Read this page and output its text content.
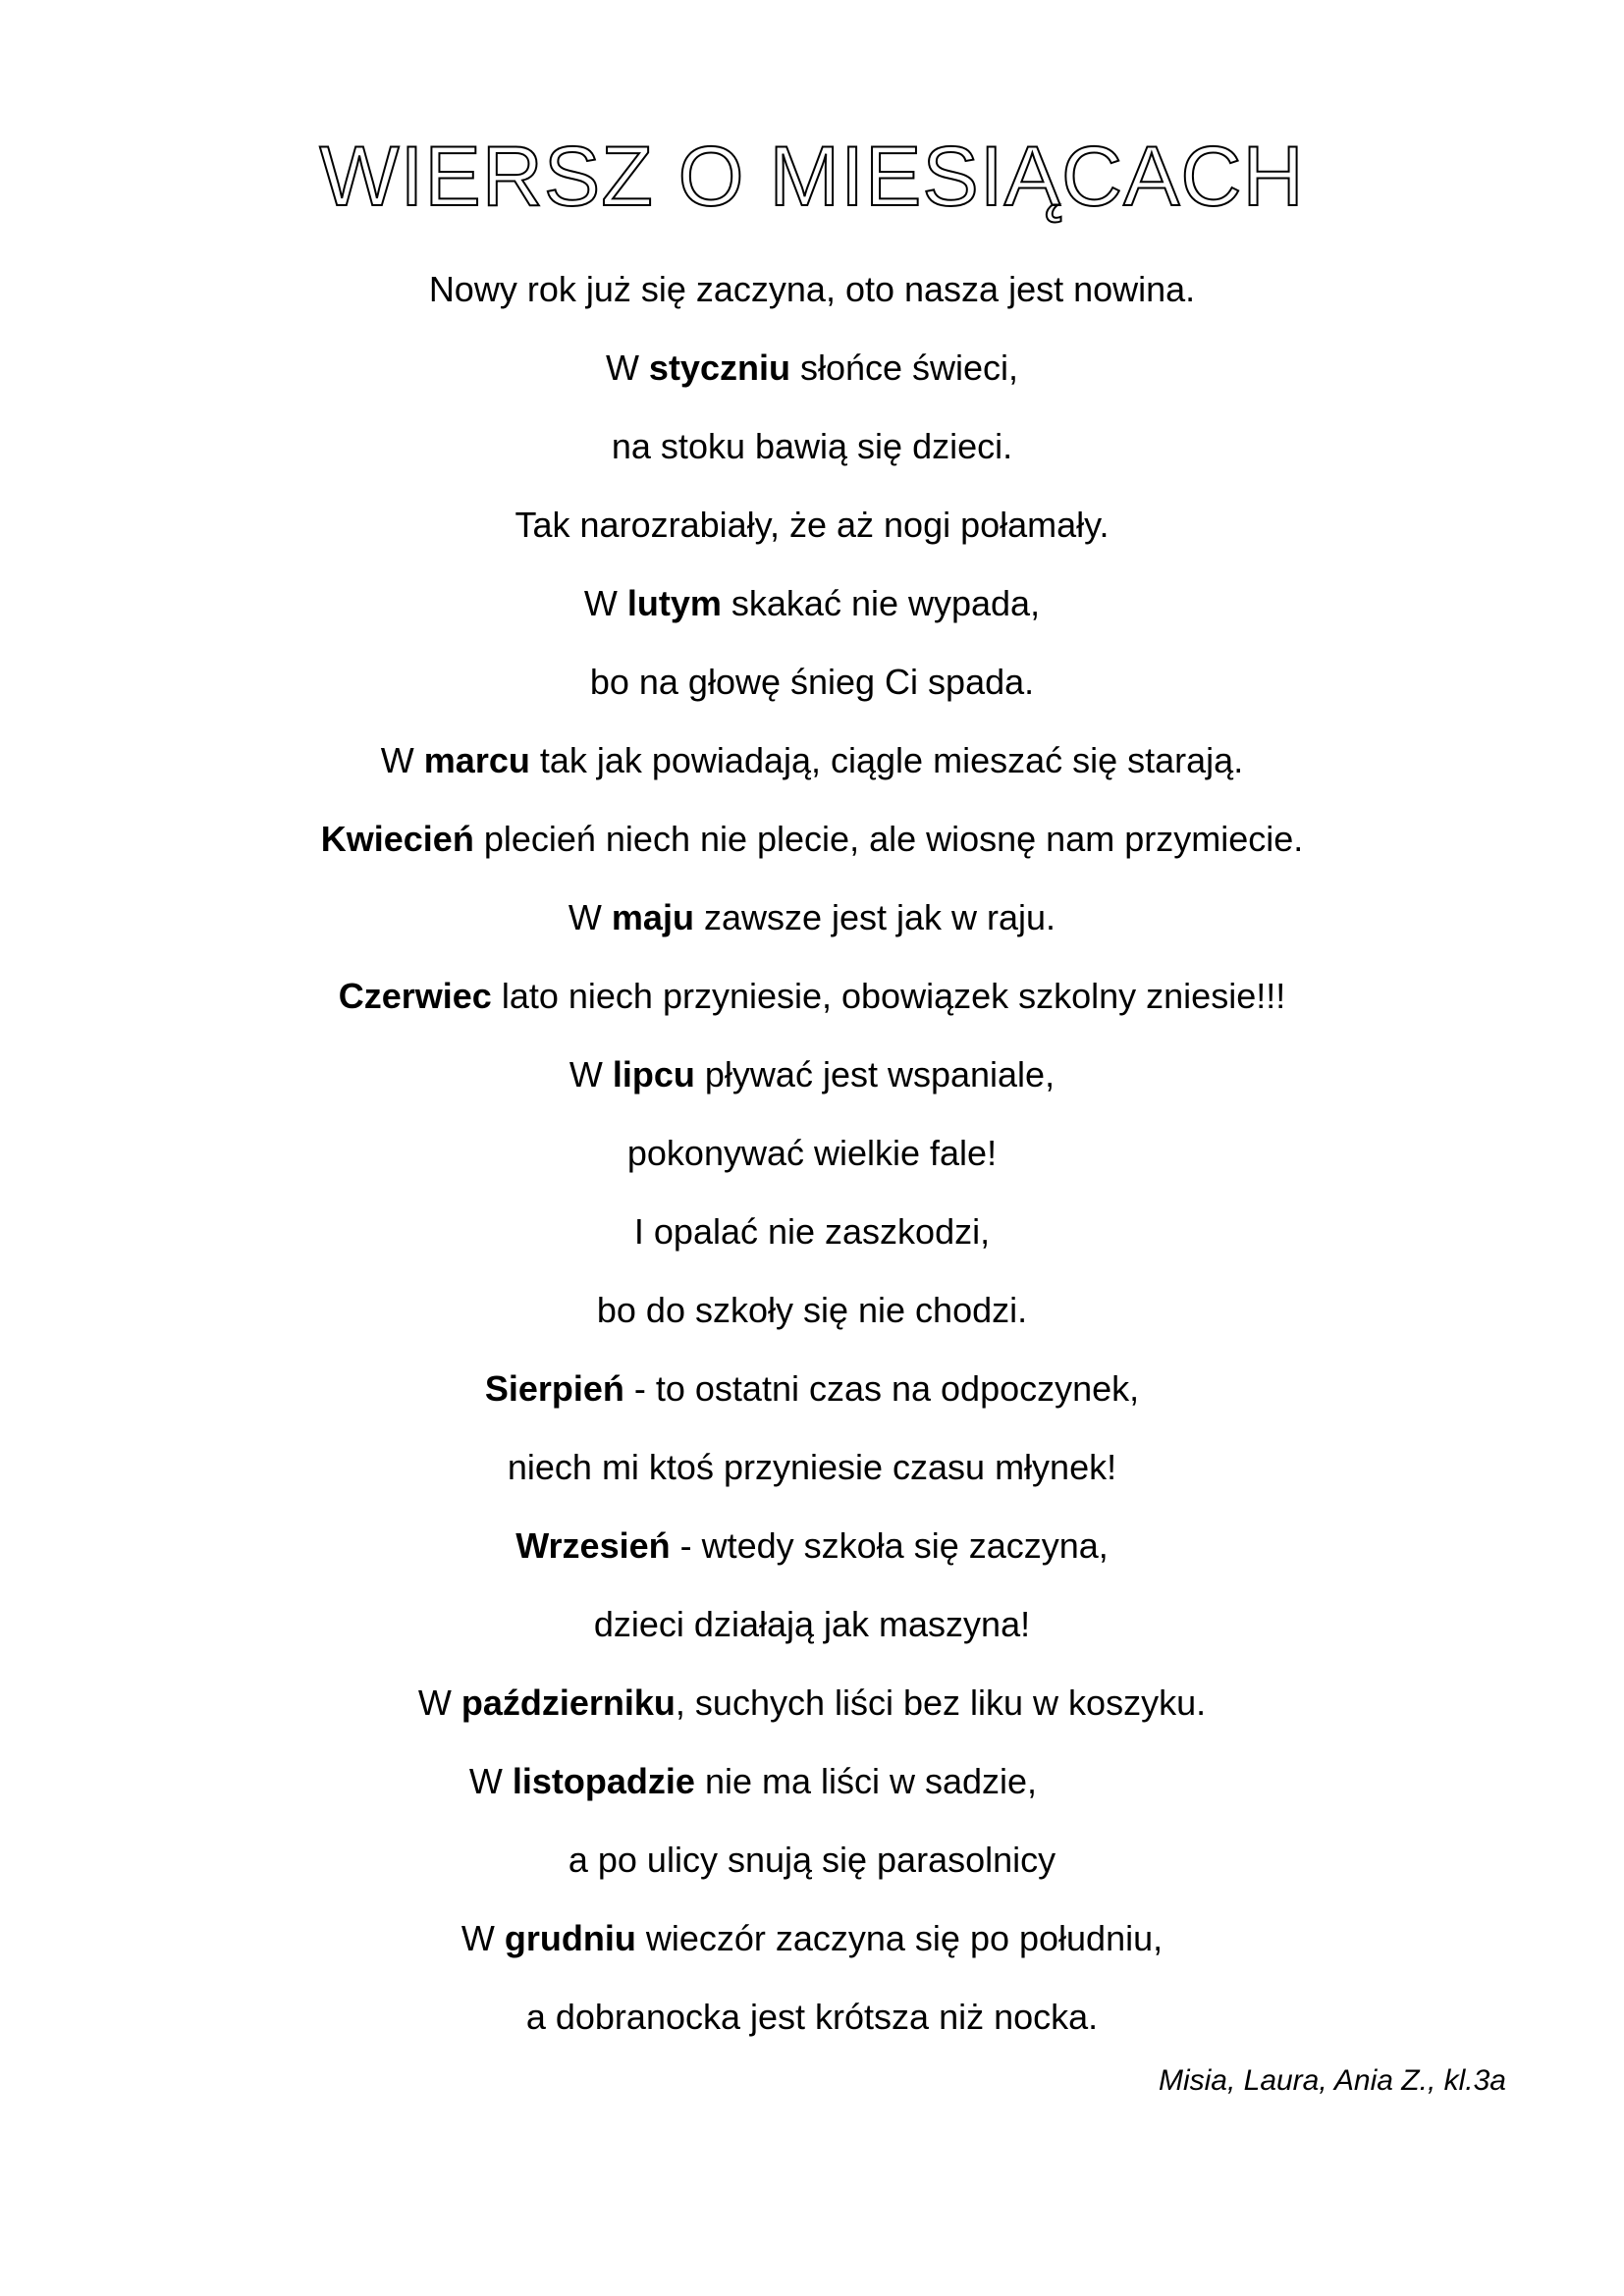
WIERSZ O MIESIĄCACH
Nowy rok już się zaczyna, oto nasza jest nowina.
W styczniu słońce świeci,
na stoku bawią się dzieci.
Tak narozrabiały, że aż nogi połamały.
W lutym skakać nie wypada,
bo na głowę śnieg Ci spada.
W marcu tak jak powiadają, ciągle mieszać się starają.
Kwiecień plecień niech nie plecie, ale wiosnę nam przymiecie.
W maju zawsze jest jak w raju.
Czerwiec lato niech przyniesie, obowiązek szkolny zniesie!!!
W lipcu pływać jest wspaniale,
pokonywać wielkie fale!
I opalać nie zaszkodzi,
bo do szkoły się nie chodzi.
Sierpień - to ostatni czas na odpoczynek,
niech mi ktoś przyniesie czasu młynek!
Wrzesień - wtedy szkoła się zaczyna,
dzieci działają jak maszyna!
W październiku, suchych liści bez liku w koszyku.
W listopadzie nie ma liści w sadzie,
a po ulicy snują się parasolnicy
W grudniu wieczór zaczyna się po południu,
a dobranocka jest krótsza niż nocka.
Misia, Laura, Ania Z., kl.3a
